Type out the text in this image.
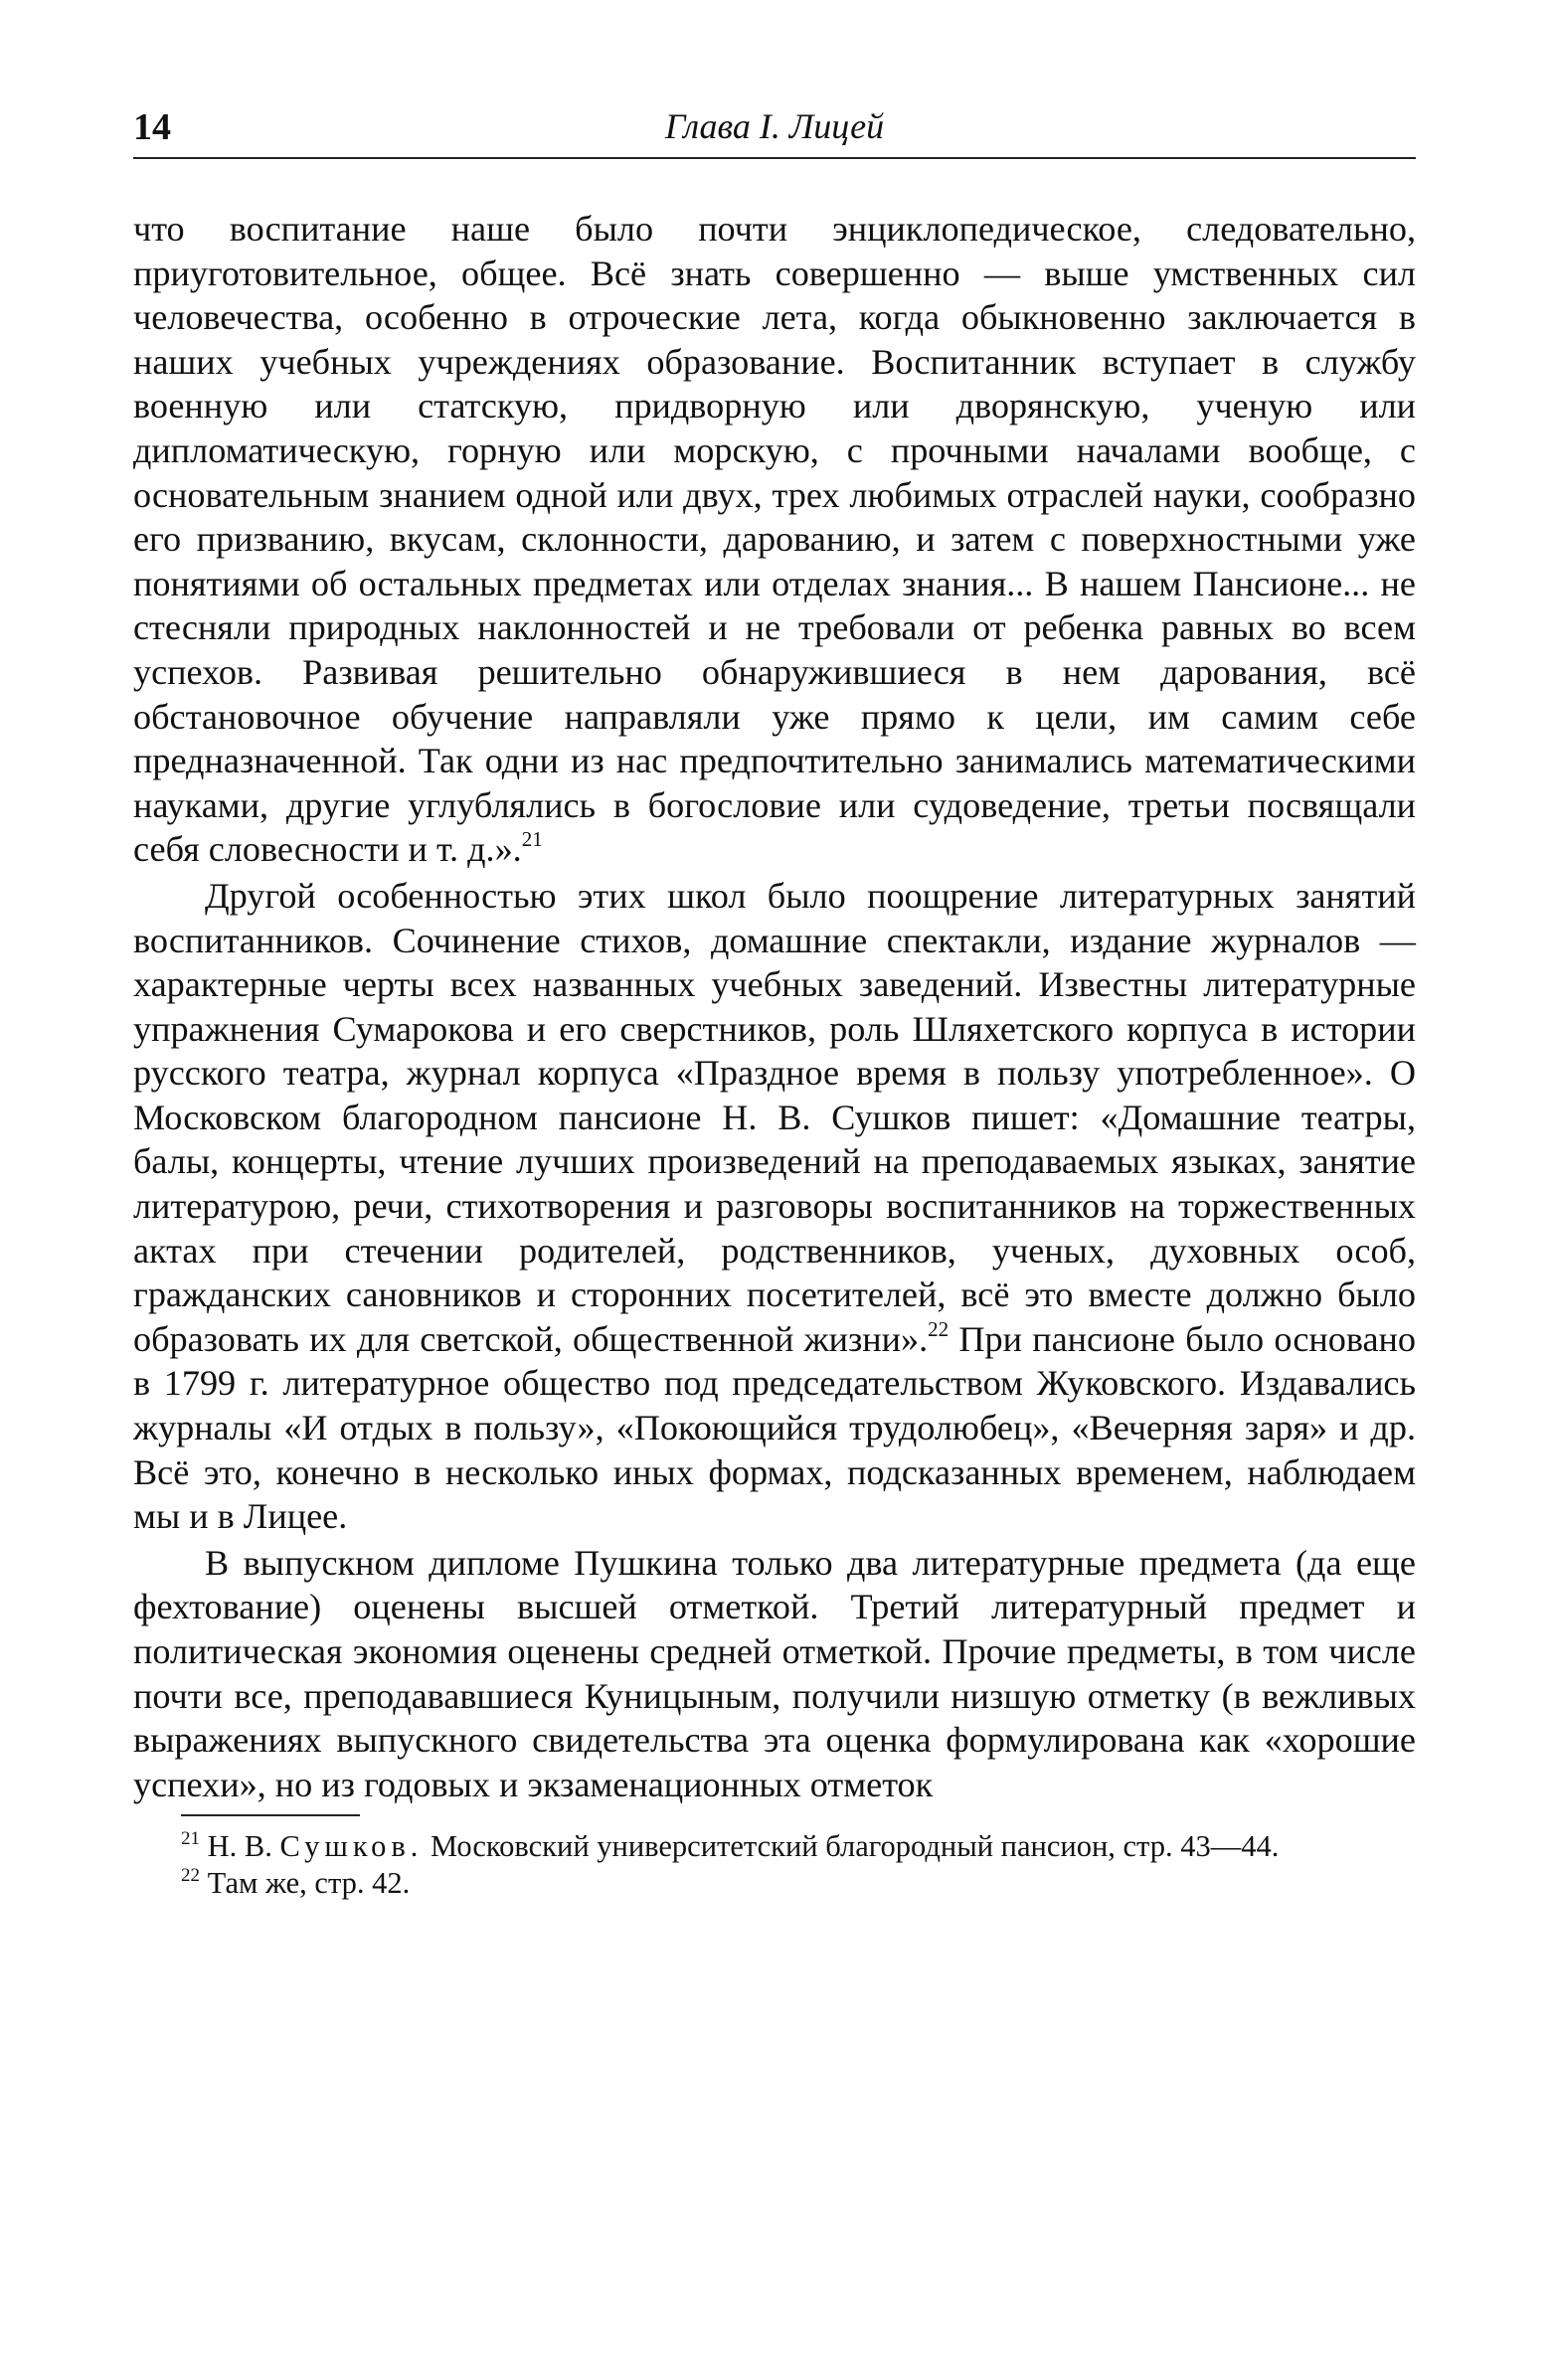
14	Глава I. Лицей

что воспитание наше было почти энциклопедическое, следовательно, приуготовительное, общее. Всё знать совершенно — выше умственных сил человечества, особенно в отроческие лета, когда обыкновенно заключается в наших учебных учреждениях образование. Воспитанник вступает в службу военную или статскую, придворную или дворянскую, ученую или дипломатическую, горную или морскую, с прочными началами вообще, с основательным знанием одной или двух, трех любимых отраслей науки, сообразно его призванию, вкусам, склонности, дарованию, и затем с поверхностными уже понятиями об остальных предметах или отделах знания... В нашем Пансионе... не стесняли природных наклонностей и не требовали от ребенка равных во всем успехов. Развивая решительно обнаружившиеся в нем дарования, всё обстановочное обучение направляли уже прямо к цели, им самим себе предназначенной. Так одни из нас предпочтительно занимались математическими науками, другие углублялись в богословие или судоведение, третьи посвящали себя словесности и т. д.».$^{21}$

Другой особенностью этих школ было поощрение литературных занятий воспитанников. Сочинение стихов, домашние спектакли, издание журналов — характерные черты всех названных учебных заведений. Известны литературные упражнения Сумарокова и его сверстников, роль Шляхетского корпуса в истории русского театра, журнал корпуса «Праздное время в пользу употребленное». О Московском благородном пансионе Н. В. Сушков пишет: «Домашние театры, балы, концерты, чтение лучших произведений на преподаваемых языках, занятие литературою, речи, стихотворения и разговоры воспитанников на торжественных актах при стечении родителей, родственников, ученых, духовных особ, гражданских сановников и сторонних посетителей, всё это вместе должно было образовать их для светской, общественной жизни».$^{22}$ При пансионе было основано в 1799 г. литературное общество под председательством Жуковского. Издавались журналы «И отдых в пользу», «Покоющийся трудолюбец», «Вечерняя заря» и др. Всё это, конечно в несколько иных формах, подсказанных временем, наблюдаем мы и в Лицее.

В выпускном дипломе Пушкина только два литературные предмета (да еще фехтование) оценены высшей отметкой. Третий литературный предмет и политическая экономия оценены средней отметкой. Прочие предметы, в том числе почти все, преподававшиеся Куницыным, получили низшую отметку (в вежливых выражениях выпускного свидетельства эта оценка формулирована как «хорошие успехи», но из годовых и экзаменационных отметок

$^{21}$ Н. В. Сушков. Московский университетский благородный пансион, стр. 43—44.

$^{22}$ Там же, стр. 42.
